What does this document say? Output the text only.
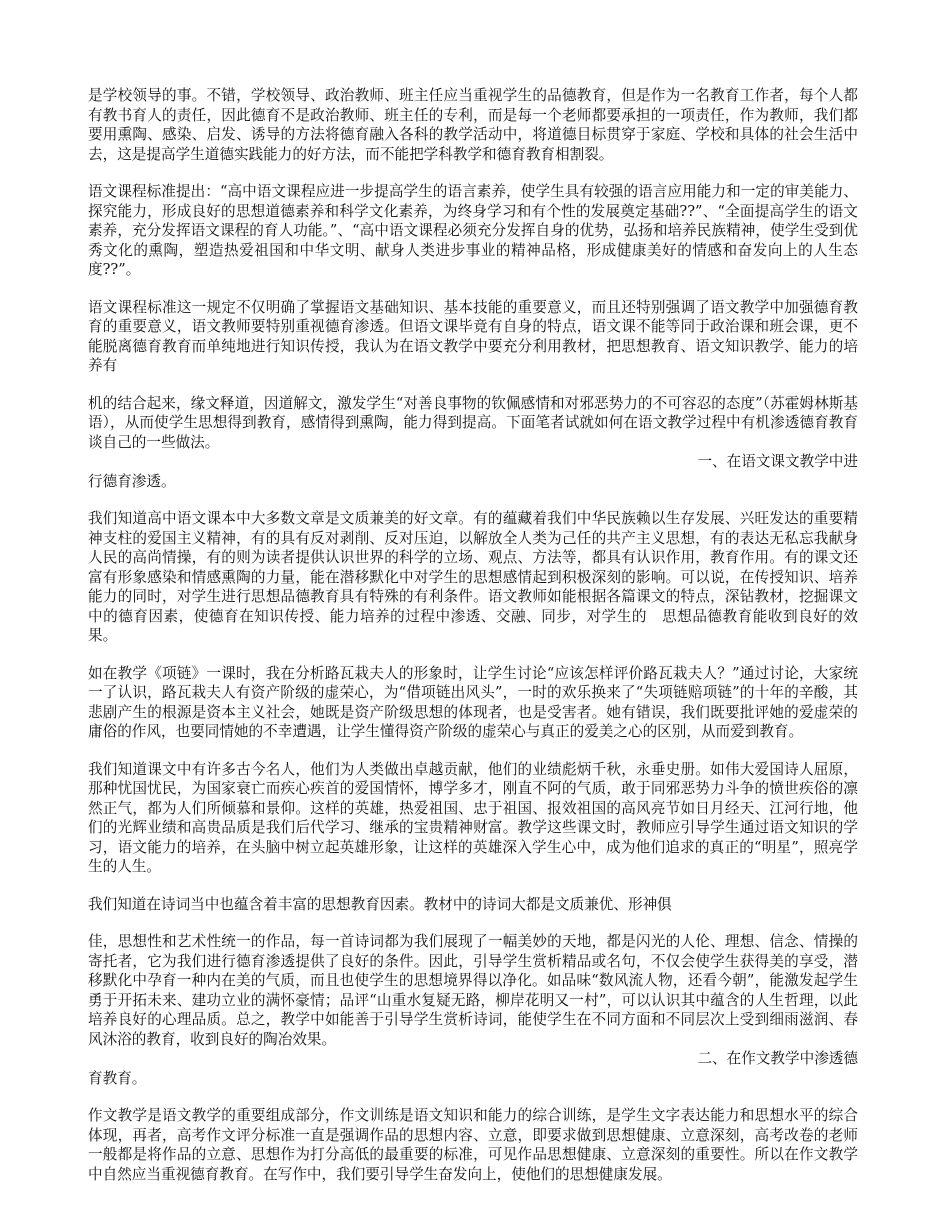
是学校领导的事。不错，学校领导、政治教师、班主任应当重视学生的品德教育，但是作为一名教育工作者，每个人都有教书育人的责任，因此德育不是政治教师、班主任的专利，而是每一个老师都要承担的一项责任，作为教师，我们都要用熏陶、感染、启发、诱导的方法将德育融入各科的教学活动中，将道德目标贯穿于家庭、学校和具体的社会生活中去，这是提高学生道德实践能力的好方法，而不能把学科教学和德育教育相割裂。

语文课程标准提出：“高中语文课程应进一步提高学生的语言素养，使学生具有较强的语言应用能力和一定的审美能力、探究能力，形成良好的思想道德素养和科学文化素养，为终身学习和有个性的发展奠定基础??”、“全面提高学生的语文素养，充分发挥语文课程的育人功能。”、“高中语文课程必须充分发挥自身的优势，弘扬和培养民族精神，使学生受到优秀文化的熏陶，塑造热爱祖国和中华文明、献身人类进步事业的精神品格，形成健康美好的情感和奋发向上的人生态度??”。

语文课程标准这一规定不仅明确了掌握语文基础知识、基本技能的重要意义，而且还特别强调了语文教学中加强德育教育的重要意义，语文教师要特别重视德育渗透。但语文课毕竟有自身的特点，语文课不能等同于政治课和班会课，更不能脱离德育教育而单纯地进行知识传授，我认为在语文教学中要充分利用教材，把思想教育、语文知识教学、能力的培养有

机的结合起来，缘文释道，因道解文，激发学生“对善良事物的钦佩感情和对邪恶势力的不可容忍的态度”（苏霍姆林斯基语），从而使学生思想得到教育，感情得到熏陶，能力得到提高。下面笔者试就如何在语文教学过程中有机渗透德育教育谈自己的一些做法。

一、在语文课文教学中进
行德育渗透。

我们知道高中语文课本中大多数文章是文质兼美的好文章。有的蕴藏着我们中华民族赖以生存发展、兴旺发达的重要精神支柱的爱国主义精神，有的具有反对剥削、反对压迫，以解放全人类为己任的共产主义思想，有的表达无私忘我献身人民的高尚情操，有的则为读者提供认识世界的科学的立场、观点、方法等，都具有认识作用，教育作用。有的课文还富有形象感染和情感熏陶的力量，能在潜移默化中对学生的思想感情起到积极深刻的影响。可以说，在传授知识、培养能力的同时，对学生进行思想品德教育具有特殊的有利条件。语文教师如能根据各篇课文的特点，深钻教材，挖掘课文中的德育因素，使德育在知识传授、能力培养的过程中渗透、交融、同步，对学生的　思想品德教育能收到良好的效果。

如在教学《项链》一课时，我在分析路瓦栽夫人的形象时，让学生讨论“应该怎样评价路瓦栽夫人？”通过讨论，大家统一了认识，路瓦栽夫人有资产阶级的虚荣心，为“借项链出风头”，一时的欢乐换来了“失项链赔项链”的十年的辛酸，其悲剧产生的根源是资本主义社会，她既是资产阶级思想的体现者，也是受害者。她有错误，我们既要批评她的爱虚荣的庸俗的作风，也要同情她的不幸遭遇，让学生懂得资产阶级的虚荣心与真正的爱美之心的区别，从而爱到教育。

我们知道课文中有许多古今名人，他们为人类做出卓越贡献，他们的业绩彪炳千秋，永垂史册。如伟大爱国诗人屈原，那种忧国忧民，为国家衰亡而疾心疾首的爱国情怀，博学多才，刚直不阿的气质，敢于同邪恶势力斗争的愤世疾俗的凛然正气，都为人们所倾慕和景仰。这样的英雄，热爱祖国、忠于祖国、报效祖国的高风亮节如日月经天、江河行地，他们的光辉业绩和高贵品质是我们后代学习、继承的宝贵精神财富。教学这些课文时，教师应引导学生通过语文知识的学习，语文能力的培养，在头脑中树立起英雄形象，让这样的英雄深入学生心中，成为他们追求的真正的“明星”，照亮学生的人生。

我们知道在诗词当中也蕴含着丰富的思想教育因素。教材中的诗词大都是文质兼优、形神俱

佳，思想性和艺术性统一的作品，每一首诗词都为我们展现了一幅美妙的天地，都是闪光的人伦、理想、信念、情操的寄托者，它为我们进行德育渗透提供了良好的条件。因此，引导学生赏析精品或名句，不仅会使学生获得美的享受，潜移默化中孕育一种内在美的气质，而且也使学生的思想境界得以净化。如品味“数风流人物，还看今朝”，能激发起学生勇于开拓未来、建功立业的满怀豪情；品评“山重水复疑无路，柳岸花明又一村”，可以认识其中蕴含的人生哲理，以此培养良好的心理品质。总之，教学中如能善于引导学生赏析诗词，能使学生在不同方面和不同层次上受到细雨滋润、春风沐浴的教育，收到良好的陶冶效果。

二、在作文教学中渗透德
育教育。

作文教学是语文教学的重要组成部分，作文训练是语文知识和能力的综合训练，是学生文字表达能力和思想水平的综合体现，再者，高考作文评分标准一直是强调作品的思想内容、立意，即要求做到思想健康、立意深刻，高考改卷的老师一般都是将作品的立意、思想作为打分高低的最重要的标准，可见作品思想健康、立意深刻的重要性。所以在作文教学中自然应当重视德育教育。在写作中，我们要引导学生奋发向上，使他们的思想健康发展。
